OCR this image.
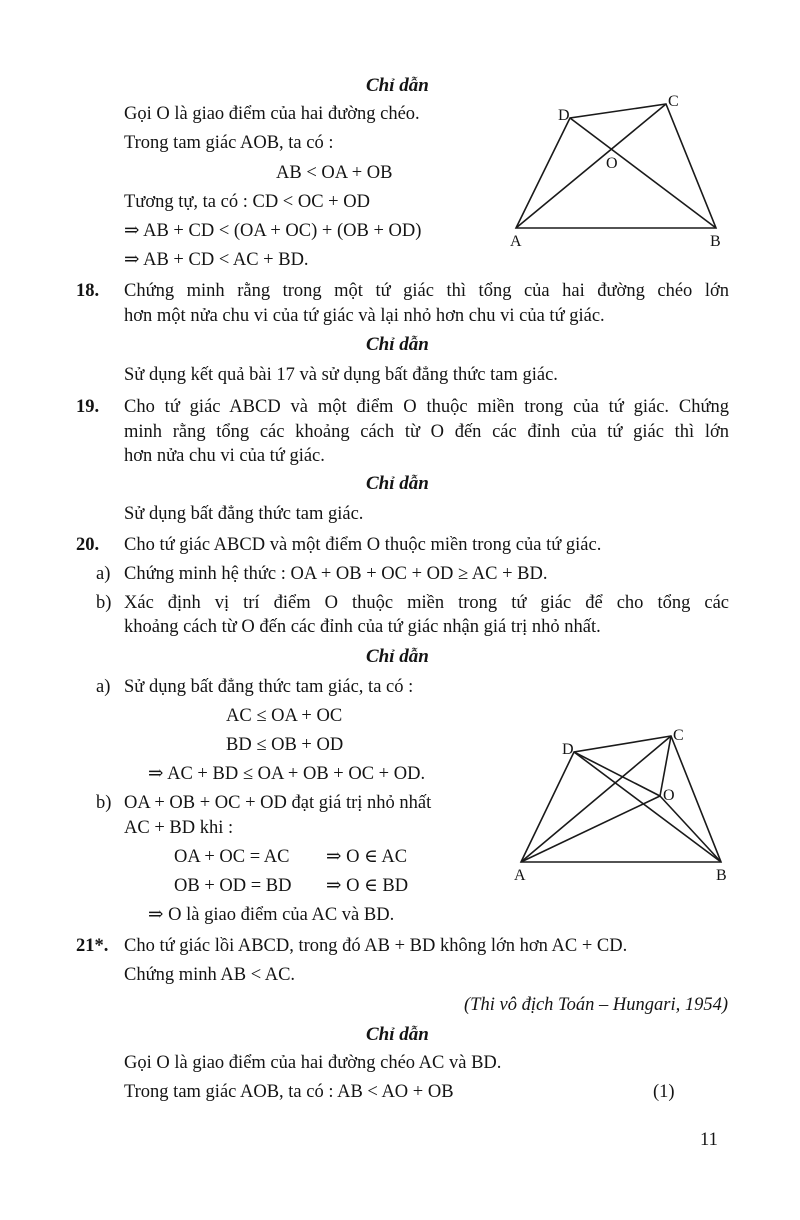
Chỉ dẫn
Gọi O là giao điểm của hai đường chéo.
Trong tam giác AOB, ta có :
AB < OA + OB
Tương tự, ta có : CD < OC + OD
⇒ AB + CD < (OA + OC) + (OB + OD)
⇒ AB + CD < AC + BD.
A	B
C
D
O
18. Chứng minh rằng trong một tứ giác thì tổng của hai đường chéo lớn
hơn một nửa chu vi của tứ giác và lại nhỏ hơn chu vi của tứ giác.
Chỉ dẫn
Sử dụng kết quả bài 17 và sử dụng bất đẳng thức tam giác.
19. Cho tứ giác ABCD và một điểm O thuộc miền trong của tứ giác. Chứng
minh rằng tổng các khoảng cách từ O đến các đỉnh của tứ giác thì lớn
hơn nửa chu vi của tứ giác.
Chỉ dẫn
Sử dụng bất đẳng thức tam giác.
20. Cho tứ giác ABCD và một điểm O thuộc miền trong của tứ giác.
a) Chứng minh hệ thức : OA + OB + OC + OD ≥ AC + BD.
b) Xác định vị trí điểm O thuộc miền trong tứ giác để cho tổng các
khoảng cách từ O đến các đỉnh của tứ giác nhận giá trị nhỏ nhất.
Chỉ dẫn
a) Sử dụng bất đẳng thức tam giác, ta có :
AC ≤ OA + OC
BD ≤ OB + OD
⇒ AC + BD ≤ OA + OB + OC + OD.
b) OA + OB + OC + OD đạt giá trị nhỏ nhất
AC + BD khi :
OA + OC = AC ⇒ O ∈ AC
OB + OD = BD ⇒ O ∈ BD
⇒ O là giao điểm của AC và BD.
A	B
C
D
O
21*. Cho tứ giác lồi ABCD, trong đó AB + BD không lớn hơn AC + CD.
Chứng minh AB < AC.
(Thi vô địch Toán – Hungari, 1954)
Chỉ dẫn
Gọi O là giao điểm của hai đường chéo AC và BD.
Trong tam giác AOB, ta có : AB < AO + OB	(1)
11
